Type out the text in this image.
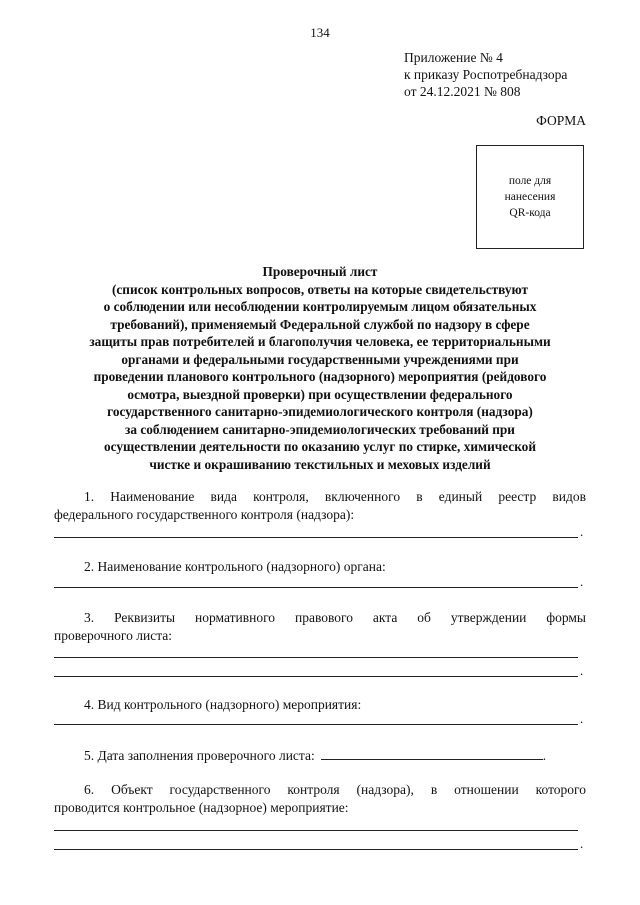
134
Приложение № 4
к приказу Роспотребнадзора
от 24.12.2021 № 808
ФОРМА
поле для
нанесения
QR-кода
Проверочный лист
(список контрольных вопросов, ответы на которые свидетельствуют
о соблюдении или несоблюдении контролируемым лицом обязательных
требований), применяемый Федеральной службой по надзору в сфере
защиты прав потребителей и благополучия человека, ее территориальными
органами и федеральными государственными учреждениями при
проведении планового контрольного (надзорного) мероприятия (рейдового
осмотра, выездной проверки) при осуществлении федерального
государственного санитарно-эпидемиологического контроля (надзора)
за соблюдением санитарно-эпидемиологических требований при
осуществлении деятельности по оказанию услуг по стирке, химической
чистке и окрашиванию текстильных и меховых изделий
1. Наименование вида контроля, включенного в единый реестр видов
федерального государственного контроля (надзора):
.
2. Наименование контрольного (надзорного) органа:
.
3. Реквизиты нормативного правового акта об утверждении формы
проверочного листа:
.
4. Вид контрольного (надзорного) мероприятия:
.
5. Дата заполнения проверочного листа:	.
6. Объект государственного контроля (надзора), в отношении которого
проводится контрольное (надзорное) мероприятие:
.
